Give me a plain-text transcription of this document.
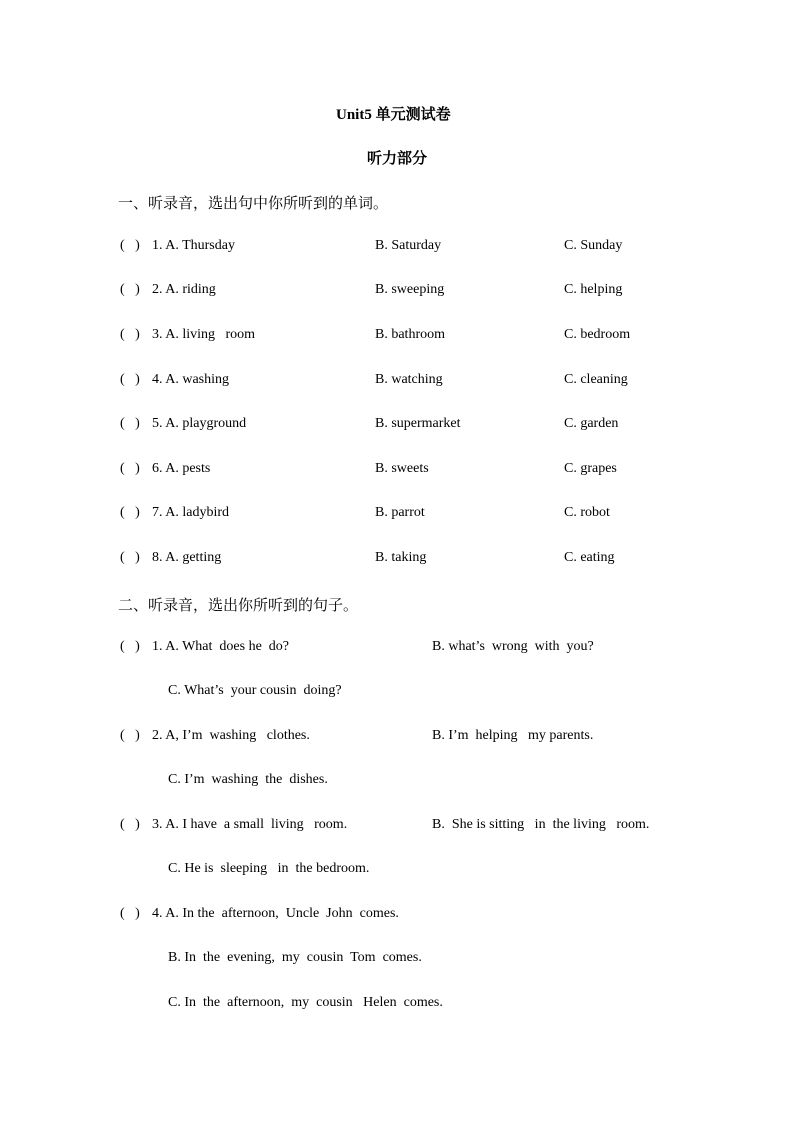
Unit5 单元测试卷
听力部分
一、听录音，选出句中你所听到的单词。
(   ) 1. A. Thursday	B. Saturday	C. Sunday
(   ) 2. A. riding	B. sweeping	C. helping
(   ) 3. A. living   room	B. bathroom	C. bedroom
(   ) 4. A. washing	B. watching	C. cleaning
(   ) 5. A. playground	B. supermarket	C. garden
(   ) 6. A. pests	B. sweets	C. grapes
(   ) 7. A. ladybird	B. parrot	C. robot
(   ) 8. A. getting	B. taking	C. eating
二、听录音，选出你所听到的句子。
(   ) 1. A. What  does he  do?	B. what’s  wrong  with  you?
C. What’s  your cousin  doing?
(   ) 2. A, I’m  washing   clothes.	B. I’m  helping   my parents.
C. I’m  washing  the  dishes.
(   ) 3. A. I have  a small  living   room.	B.  She is sitting   in  the living   room.
C. He is  sleeping   in  the bedroom.
(   ) 4. A. In the  afternoon,  Uncle  John  comes.
B. In  the  evening,  my  cousin  Tom  comes.
C. In  the  afternoon,  my  cousin   Helen  comes.
